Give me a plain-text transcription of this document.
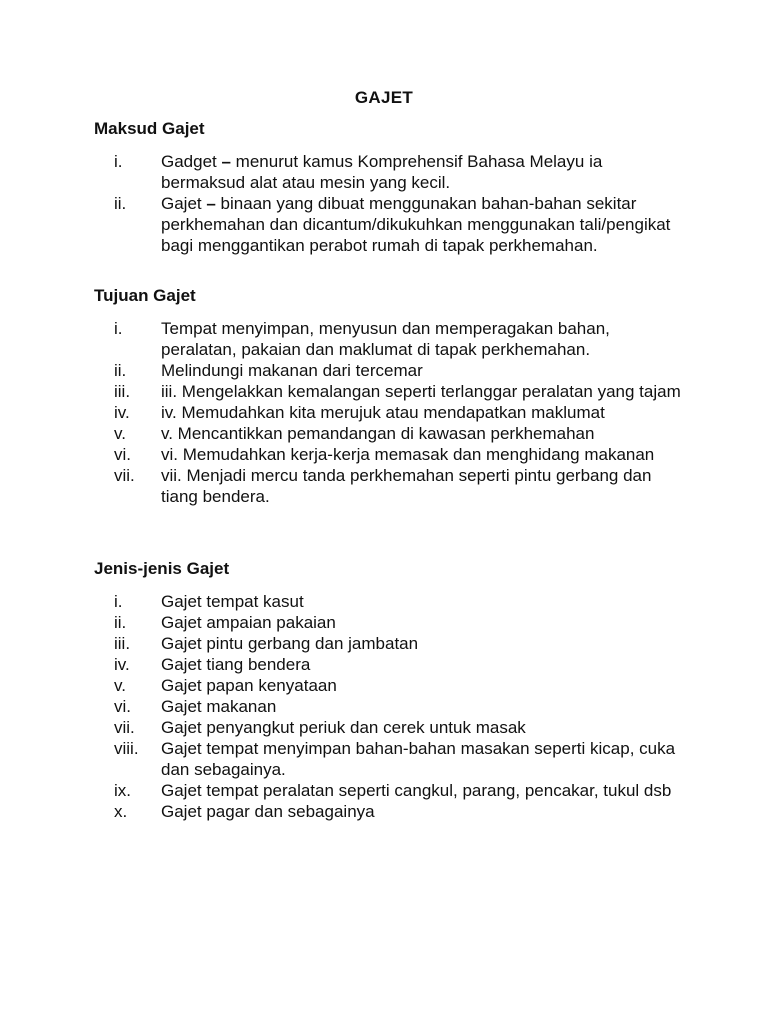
GAJET
Maksud Gajet
i.	Gadget – menurut kamus Komprehensif Bahasa Melayu ia bermaksud alat atau mesin yang kecil.
ii.	Gajet – binaan yang dibuat menggunakan bahan-bahan sekitar perkhemahan dan dicantum/dikukuhkan menggunakan tali/pengikat bagi menggantikan perabot rumah di tapak perkhemahan.
Tujuan Gajet
i.	Tempat menyimpan, menyusun dan memperagakan bahan, peralatan, pakaian dan maklumat di tapak perkhemahan.
ii.	Melindungi makanan dari tercemar
iii.	iii. Mengelakkan kemalangan seperti terlanggar peralatan yang tajam
iv.	iv. Memudahkan kita merujuk atau mendapatkan maklumat
v.	v. Mencantikkan pemandangan di kawasan perkhemahan
vi.	vi. Memudahkan kerja-kerja memasak dan menghidang makanan
vii.	vii. Menjadi mercu tanda perkhemahan seperti pintu gerbang dan tiang bendera.
Jenis-jenis Gajet
i.	Gajet tempat kasut
ii.	Gajet ampaian pakaian
iii.	Gajet pintu gerbang dan jambatan
iv.	Gajet tiang bendera
v.	Gajet papan kenyataan
vi.	Gajet makanan
vii.	Gajet penyangkut periuk dan cerek untuk masak
viii.	Gajet tempat menyimpan bahan-bahan masakan seperti kicap, cuka dan sebagainya.
ix.	Gajet tempat peralatan seperti cangkul, parang, pencakar, tukul dsb
x.	Gajet pagar dan sebagainya
